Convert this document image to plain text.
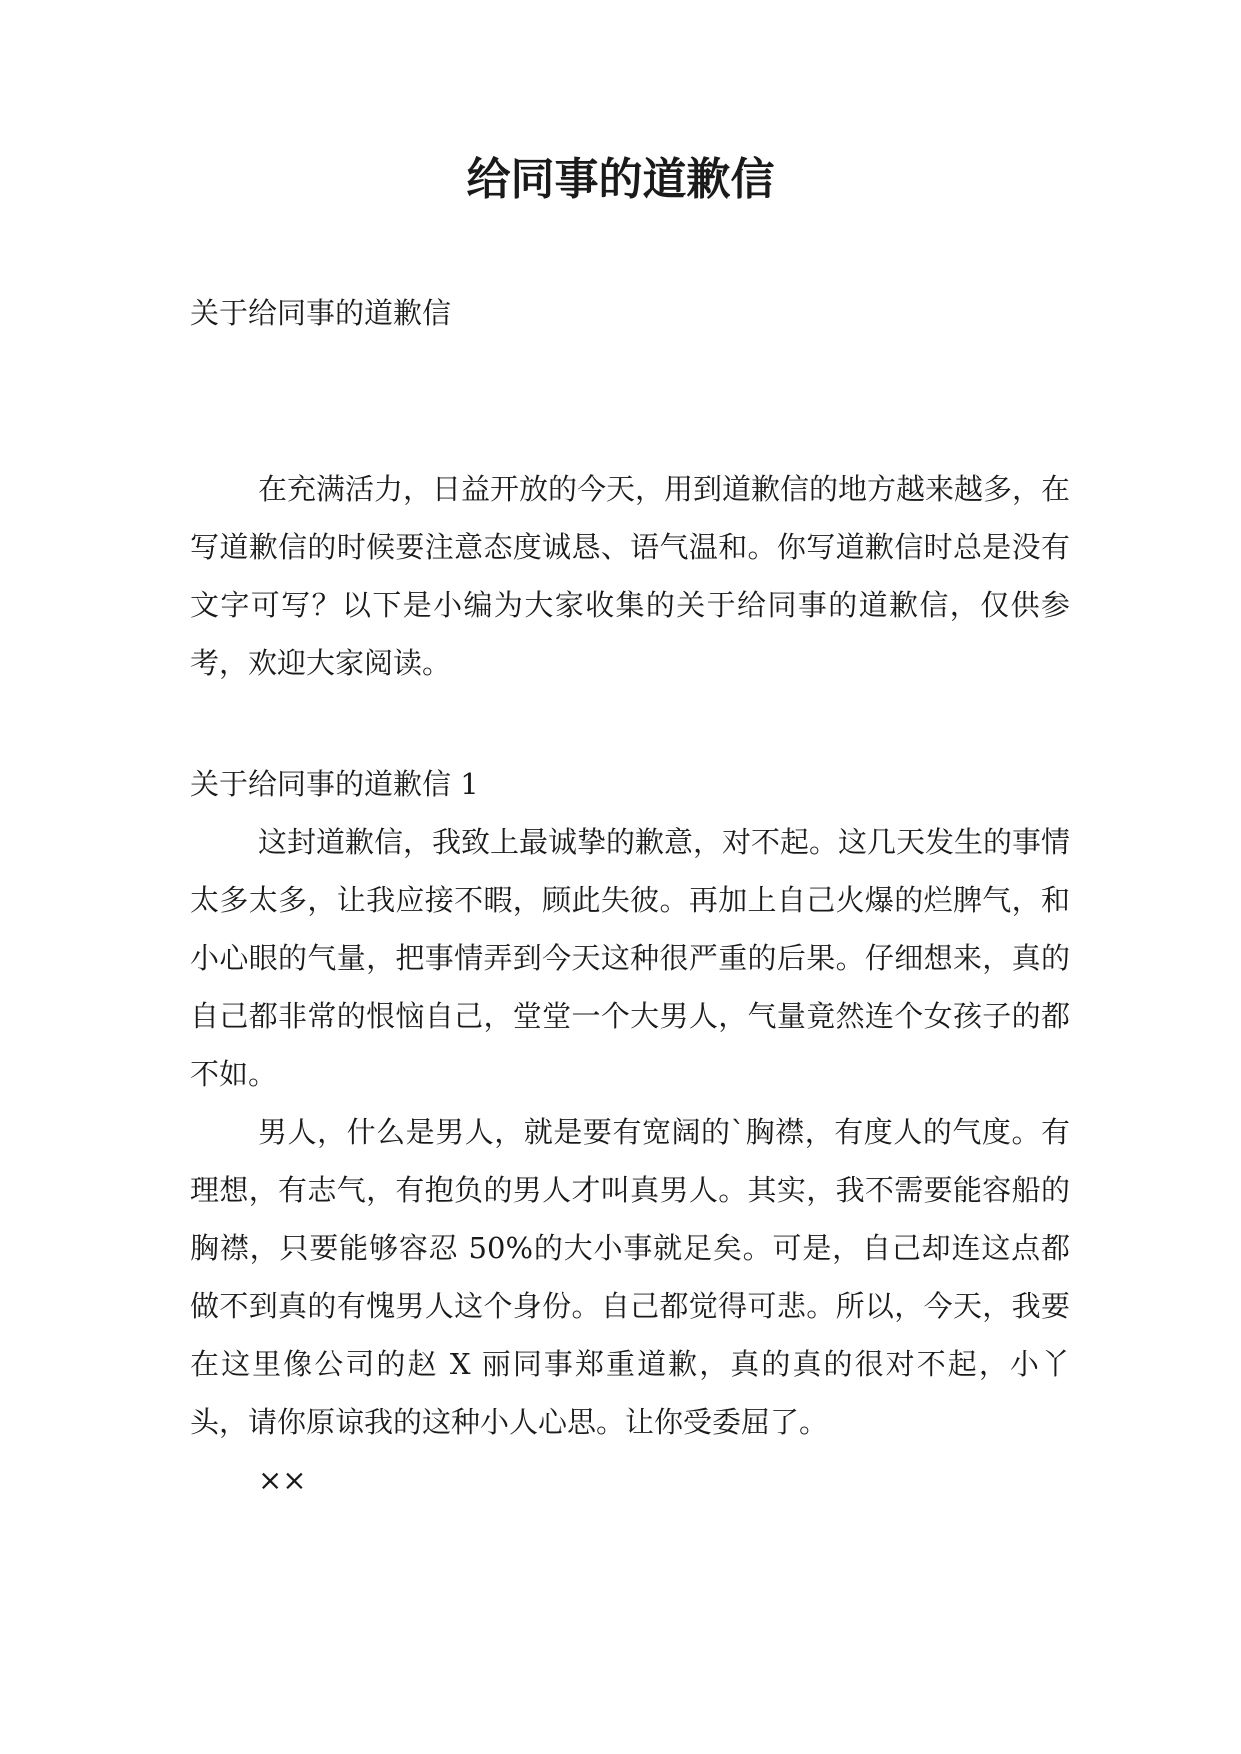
给同事的道歉信

关于给同事的道歉信

在充满活力，日益开放的今天，用到道歉信的地方越来越多，在写道歉信的时候要注意态度诚恳、语气温和。你写道歉信时总是没有文字可写？以下是小编为大家收集的关于给同事的道歉信，仅供参考，欢迎大家阅读。

关于给同事的道歉信 1

这封道歉信，我致上最诚挚的歉意，对不起。这几天发生的事情太多太多，让我应接不暇，顾此失彼。再加上自己火爆的烂脾气，和小心眼的气量，把事情弄到今天这种很严重的后果。仔细想来，真的自己都非常的恨恼自己，堂堂一个大男人，气量竟然连个女孩子的都不如。

男人，什么是男人，就是要有宽阔的`胸襟，有度人的气度。有理想，有志气，有抱负的男人才叫真男人。其实，我不需要能容船的胸襟，只要能够容忍 50%的大小事就足矣。可是，自己却连这点都做不到真的有愧男人这个身份。自己都觉得可悲。所以，今天，我要在这里像公司的赵 X 丽同事郑重道歉，真的真的很对不起，小丫头，请你原谅我的这种小人心思。让你受委屈了。

××
